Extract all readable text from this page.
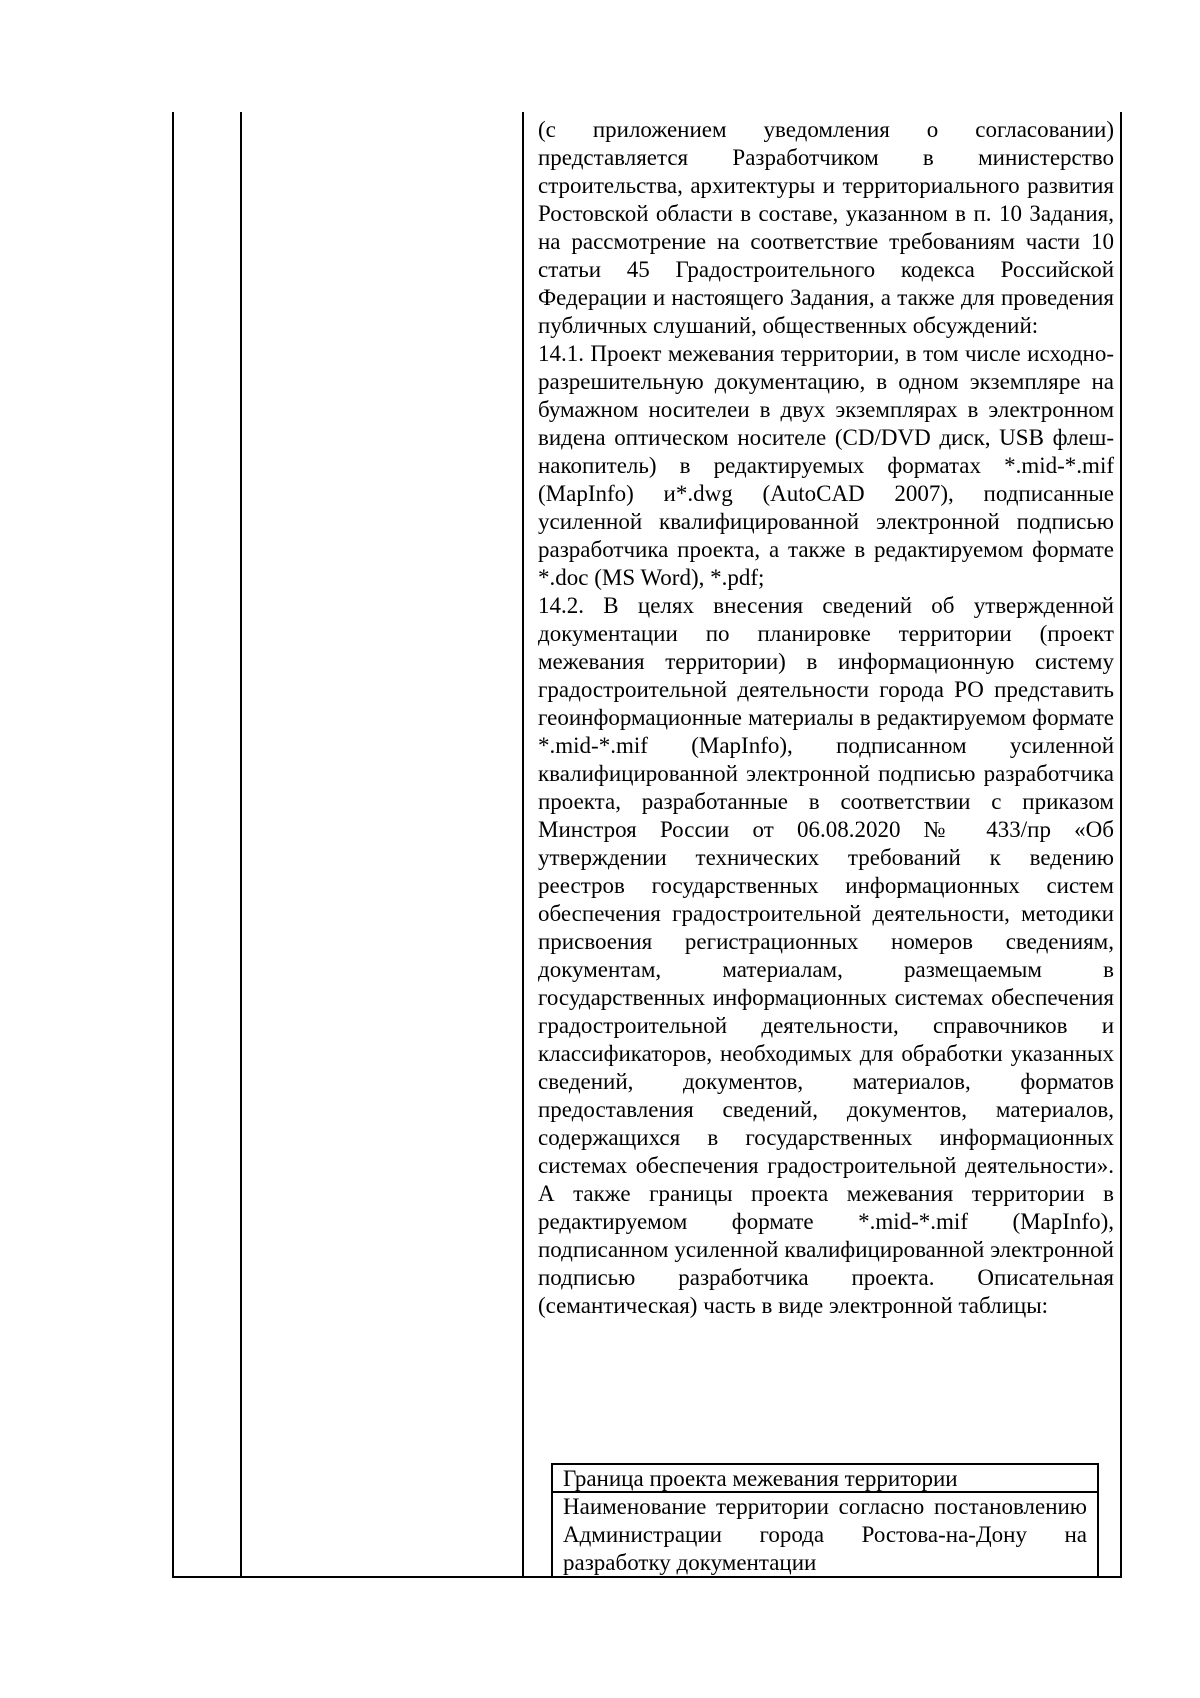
(с приложением уведомления о согласовании) представляется Разработчиком в министерство строительства, архитектуры и территориального развития Ростовской области в составе, указанном в п. 10 Задания, на рассмотрение на соответствие требованиям части 10 статьи 45 Градостроительного кодекса Российской Федерации и настоящего Задания, а также для проведения публичных слушаний, общественных обсуждений:

14.1. Проект межевания территории, в том числе исходно-разрешительную документацию, в одном экземпляре на бумажном носителеи в двух экземплярах в электронном видена оптическом носителе (CD/DVD диск, USB флеш-накопитель) в редактируемых форматах *.mid-*.mif (MapInfo) и*.dwg (AutoCAD 2007), подписанные усиленной квалифицированной электронной подписью разработчика проекта, а также в редактируемом формате *.doc (MS Word), *.pdf;

14.2. В целях внесения сведений об утвержденной документации по планировке территории (проект межевания территории) в информационную систему градостроительной деятельности города РО представить геоинформационные материалы в редактируемом формате *.mid-*.mif (MapInfo), подписанном усиленной квалифицированной электронной подписью разработчика проекта, разработанные в соответствии с приказом Минстроя России от 06.08.2020 № 433/пр «Об утверждении технических требований к ведению реестров государственных информационных систем обеспечения градостроительной деятельности, методики присвоения регистрационных номеров сведениям, документам, материалам, размещаемым в государственных информационных системах обеспечения градостроительной деятельности, справочников и классификаторов, необходимых для обработки указанных сведений, документов, материалов, форматов предоставления сведений, документов, материалов, содержащихся в государственных информационных системах обеспечения градостроительной деятельности». А также границы проекта межевания территории в редактируемом формате *.mid-*.mif (MapInfo), подписанном усиленной квалифицированной электронной подписью разработчика проекта. Описательная (семантическая) часть в виде электронной таблицы:

Граница проекта межевания территории

Наименование территории согласно постановлению Администрации города Ростова-на-Дону на разработку документации
